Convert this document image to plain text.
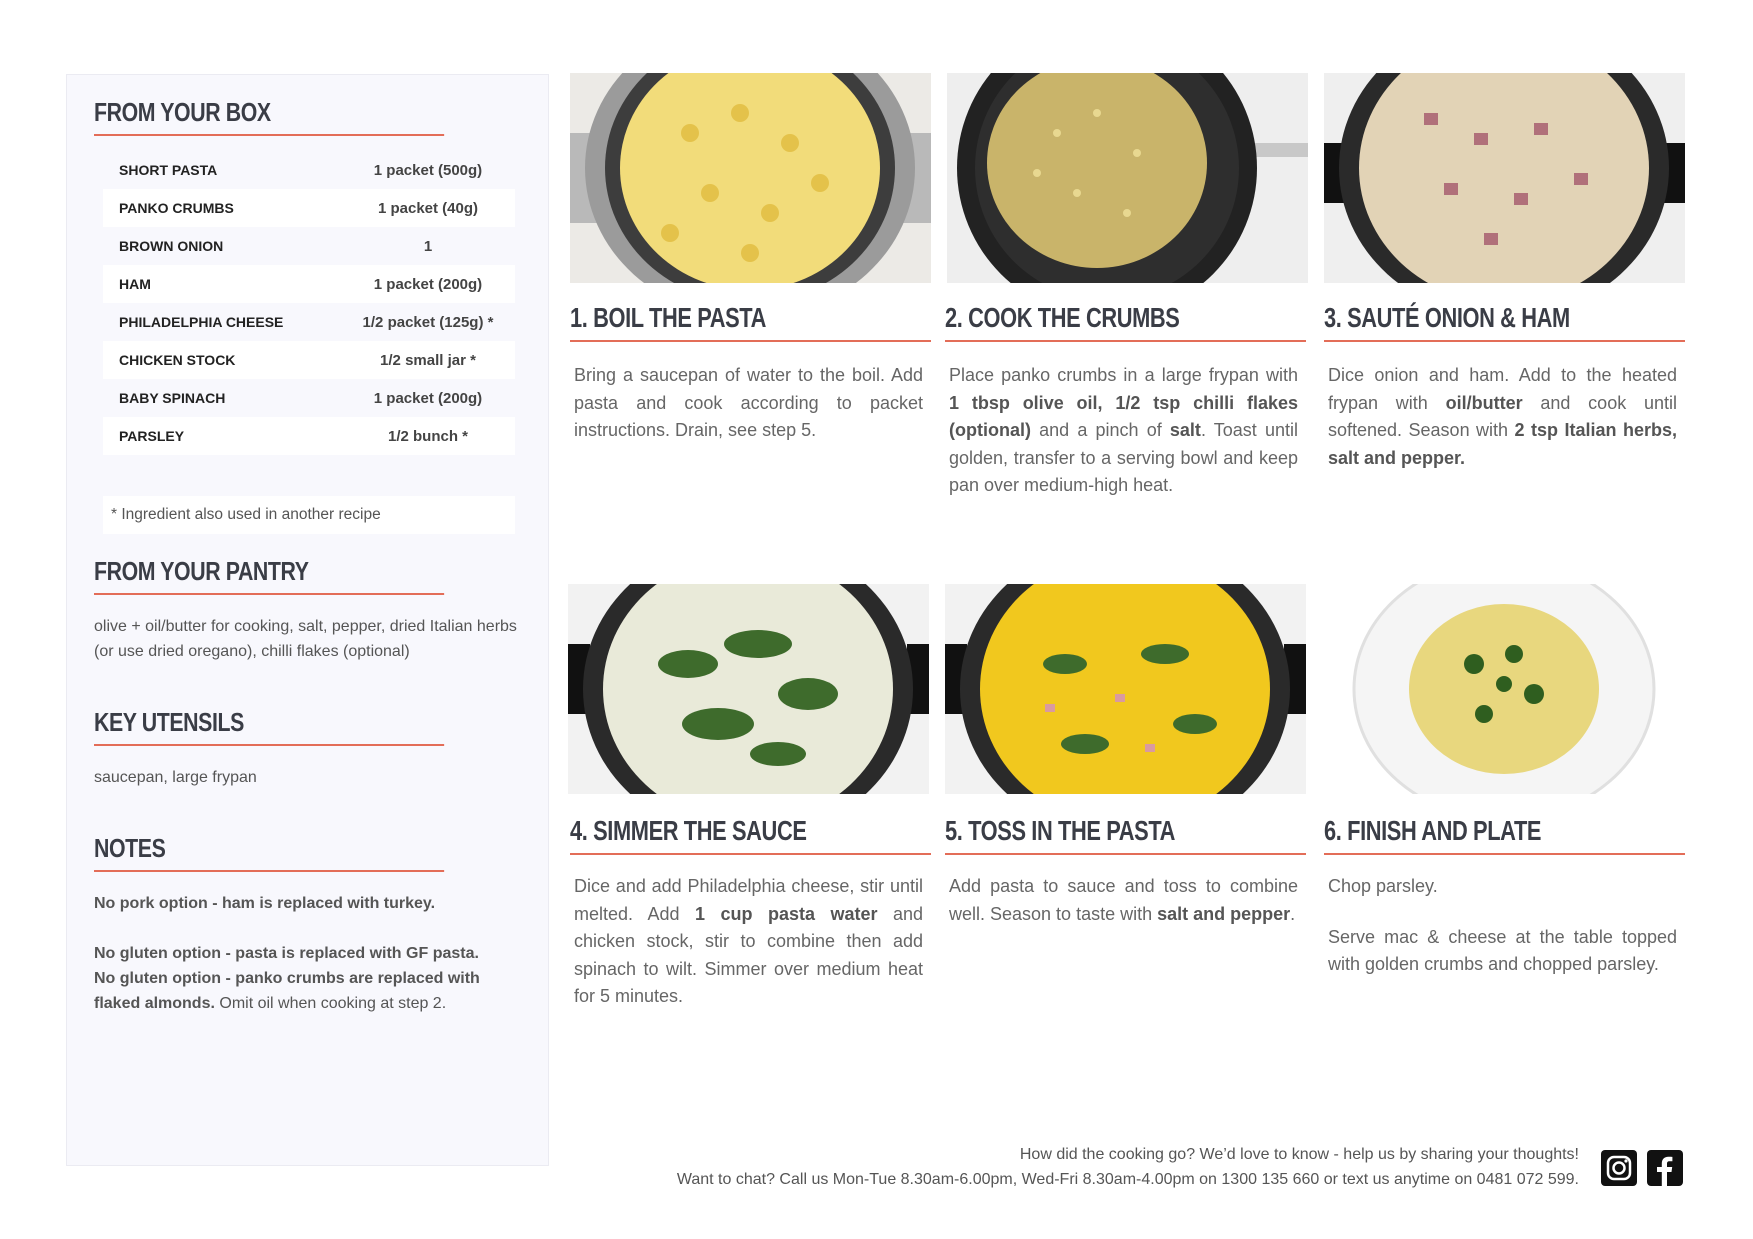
FROM YOUR BOX
SHORT PASTA	1 packet (500g)
PANKO CRUMBS	1 packet (40g)
BROWN ONION	1
HAM	1 packet (200g)
PHILADELPHIA CHEESE	1/2 packet (125g) *
CHICKEN STOCK	1/2 small jar *
BABY SPINACH	1 packet (200g)
PARSLEY	1/2 bunch *
* Ingredient also used in another recipe
FROM YOUR PANTRY
olive + oil/butter for cooking, salt, pepper, dried Italian herbs (or use dried oregano), chilli flakes (optional)
KEY UTENSILS
saucepan, large frypan
NOTES
No pork option - ham is replaced with turkey.

No gluten option - pasta is replaced with GF pasta.
No gluten option - panko crumbs are replaced with flaked almonds. Omit oil when cooking at step 2.
1. BOIL THE PASTA	2. COOK THE CRUMBS	3. SAUTÉ ONION & HAM
4. SIMMER THE SAUCE	5. TOSS IN THE PASTA	6. FINISH AND PLATE
Bring a saucepan of water to the boil. Add pasta and cook according to packet instructions. Drain, see step 5.
Place panko crumbs in a large frypan with 1 tbsp olive oil, 1/2 tsp chilli flakes (optional) and a pinch of salt. Toast until golden, transfer to a serving bowl and keep pan over medium-high heat.
Dice onion and ham. Add to the heated frypan with oil/butter and cook until softened. Season with 2 tsp Italian herbs, salt and pepper.
Dice and add Philadelphia cheese, stir until melted. Add 1 cup pasta water and chicken stock, stir to combine then add spinach to wilt. Simmer over medium heat for 5 minutes.
Add pasta to sauce and toss to combine well. Season to taste with salt and pepper.
Chop parsley.
Serve mac & cheese at the table topped with golden crumbs and chopped parsley.
How did the cooking go? We’d love to know - help us by sharing your thoughts!
Want to chat? Call us Mon-Tue 8.30am-6.00pm, Wed-Fri 8.30am-4.00pm on 1300 135 660 or text us anytime on 0481 072 599.
